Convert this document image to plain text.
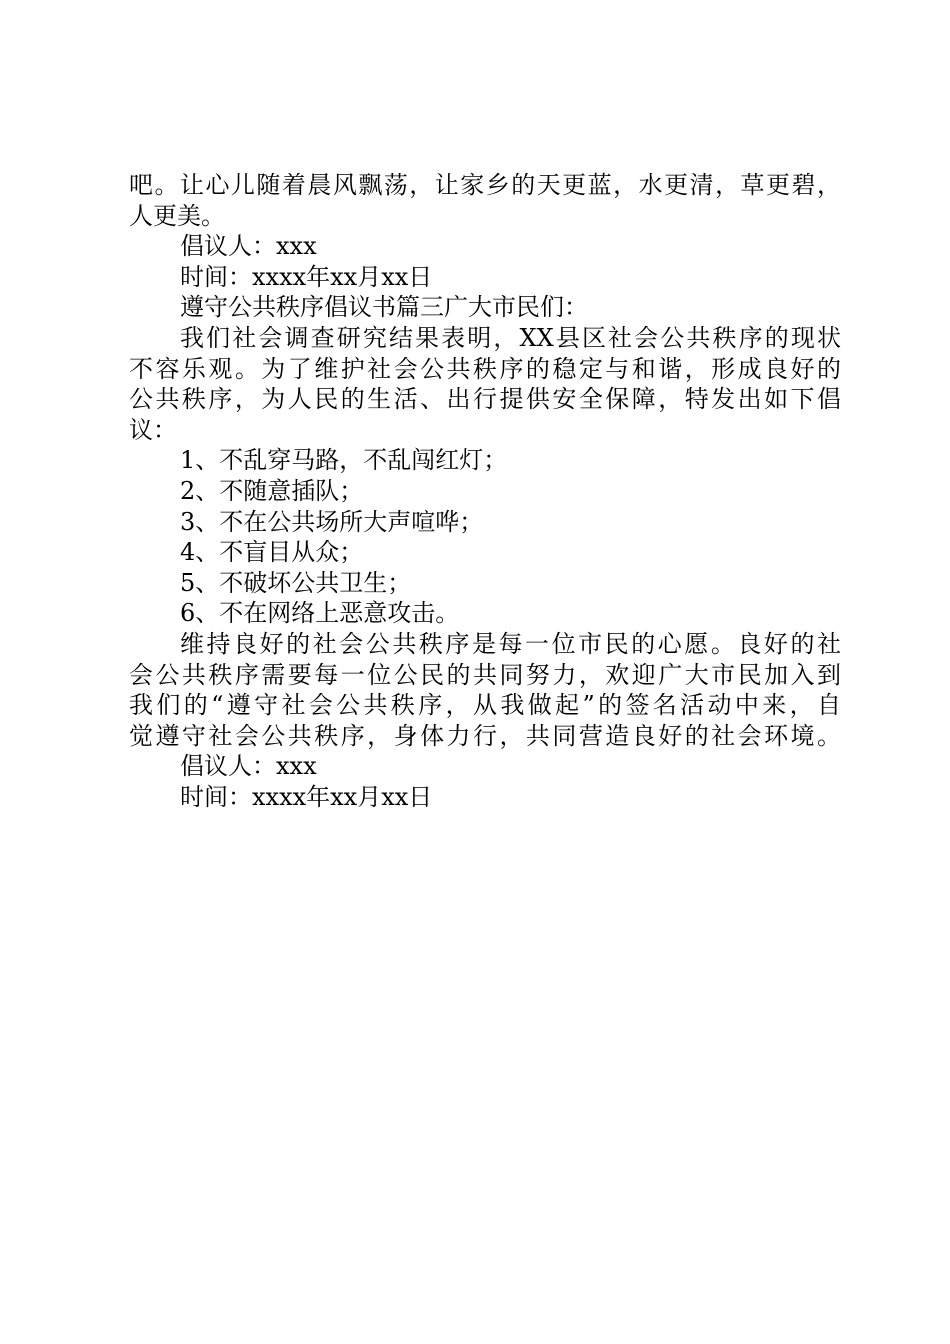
吧。让心儿随着晨风飘荡，让家乡的天更蓝，水更清，草更碧，
人更美。
倡议人：xxx
时间：xxxx年xx月xx日
遵守公共秩序倡议书篇三广大市民们：
我们社会调查研究结果表明，XX县区社会公共秩序的现状
不容乐观。为了维护社会公共秩序的稳定与和谐，形成良好的
公共秩序，为人民的生活、出行提供安全保障，特发出如下倡
议：
1、不乱穿马路，不乱闯红灯；
2、不随意插队；
3、不在公共场所大声喧哗；
4、不盲目从众；
5、不破坏公共卫生；
6、不在网络上恶意攻击。
维持良好的社会公共秩序是每一位市民的心愿。良好的社
会公共秩序需要每一位公民的共同努力，欢迎广大市民加入到
我们的“遵守社会公共秩序，从我做起”的签名活动中来，自
觉遵守社会公共秩序，身体力行，共同营造良好的社会环境。
倡议人：xxx
时间：xxxx年xx月xx日
